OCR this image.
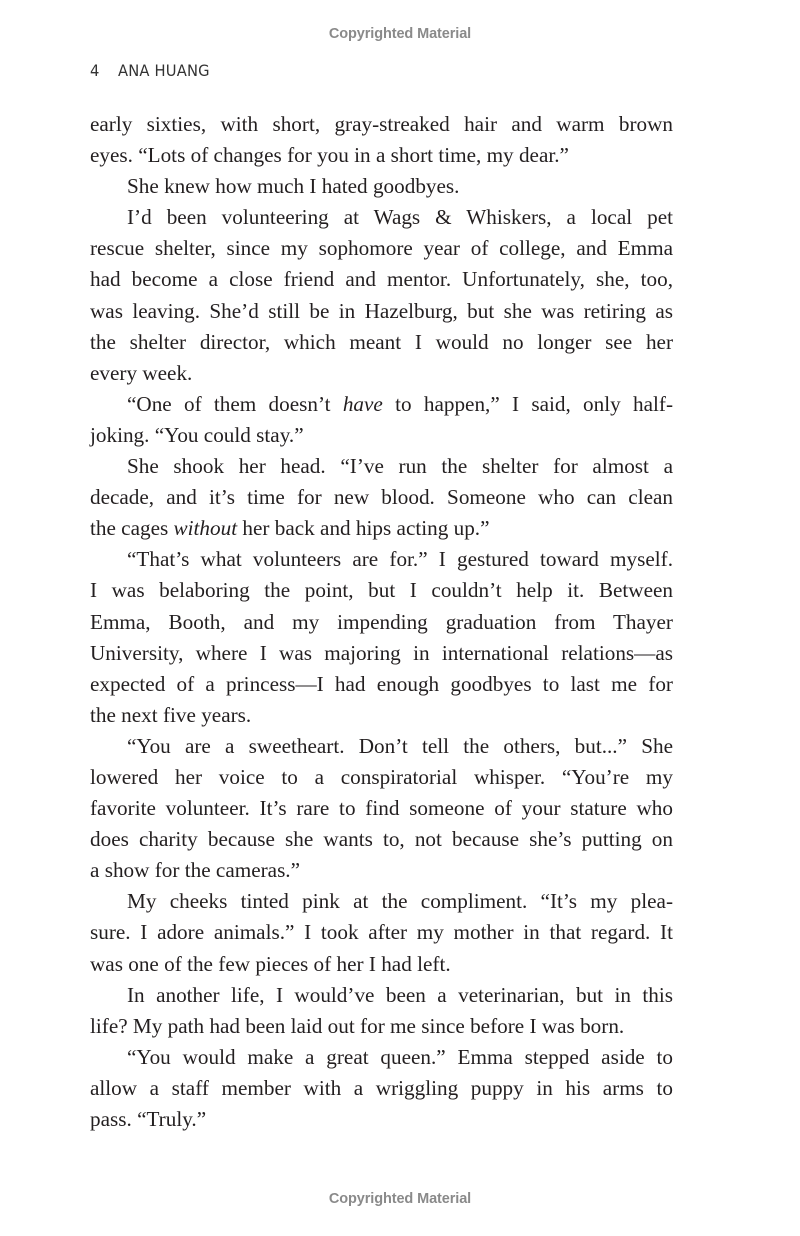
Copyrighted Material
4 ANA HUANG
early sixties, with short, gray-streaked hair and warm brown
eyes. “Lots of changes for you in a short time, my dear.”
She knew how much I hated goodbyes.
I’d been volunteering at Wags & Whiskers, a local pet
rescue shelter, since my sophomore year of college, and Emma
had become a close friend and mentor. Unfortunately, she, too,
was leaving. She’d still be in Hazelburg, but she was retiring as
the shelter director, which meant I would no longer see her
every week.
“One of them doesn’t have to happen,” I said, only half-
joking. “You could stay.”
She shook her head. “I’ve run the shelter for almost a
decade, and it’s time for new blood. Someone who can clean
the cages without her back and hips acting up.”
“That’s what volunteers are for.” I gestured toward myself.
I was belaboring the point, but I couldn’t help it. Between
Emma, Booth, and my impending graduation from Thayer
University, where I was majoring in international relations—as
expected of a princess—I had enough goodbyes to last me for
the next five years.
“You are a sweetheart. Don’t tell the others, but...” She
lowered her voice to a conspiratorial whisper. “You’re my
favorite volunteer. It’s rare to find someone of your stature who
does charity because she wants to, not because she’s putting on
a show for the cameras.”
My cheeks tinted pink at the compliment. “It’s my plea-
sure. I adore animals.” I took after my mother in that regard. It
was one of the few pieces of her I had left.
In another life, I would’ve been a veterinarian, but in this
life? My path had been laid out for me since before I was born.
“You would make a great queen.” Emma stepped aside to
allow a staff member with a wriggling puppy in his arms to
pass. “Truly.”
Copyrighted Material
